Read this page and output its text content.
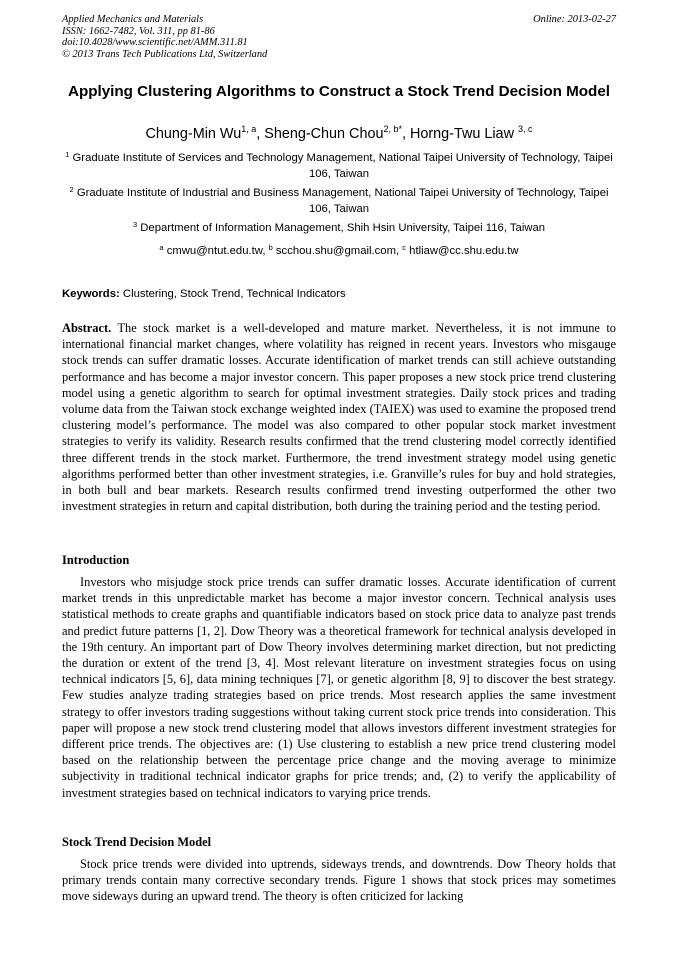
Applied Mechanics and Materials
ISSN: 1662-7482, Vol. 311, pp 81-86
doi:10.4028/www.scientific.net/AMM.311.81
© 2013 Trans Tech Publications Ltd, Switzerland
Online: 2013-02-27
Applying Clustering Algorithms to Construct a Stock Trend Decision Model
Chung-Min Wu$^{1, a}$, Sheng-Chun Chou$^{2, b*}$, Horng-Twu Liaw $^{3, c}$
$^1$ Graduate Institute of Services and Technology Management, National Taipei University of Technology, Taipei 106, Taiwan
$^2$ Graduate Institute of Industrial and Business Management, National Taipei University of Technology, Taipei 106, Taiwan
$^3$ Department of Information Management, Shih Hsin University, Taipei 116, Taiwan
$^a$ cmwu@ntut.edu.tw, $^b$ scchou.shu@gmail.com, $^c$ htliaw@cc.shu.edu.tw
Keywords: Clustering, Stock Trend, Technical Indicators
Abstract. The stock market is a well-developed and mature market. Nevertheless, it is not immune to international financial market changes, where volatility has reigned in recent years. Investors who misgauge stock trends can suffer dramatic losses. Accurate identification of market trends can still achieve outstanding performance and has become a major investor concern. This paper proposes a new stock price trend clustering model using a genetic algorithm to search for optimal investment strategies. Daily stock prices and trading volume data from the Taiwan stock exchange weighted index (TAIEX) was used to examine the proposed trend clustering model’s performance. The model was also compared to other popular stock market investment strategies to verify its validity. Research results confirmed that the trend clustering model correctly identified three different trends in the stock market. Furthermore, the trend investment strategy model using genetic algorithms performed better than other investment strategies, i.e. Granville’s rules for buy and hold strategies, in both bull and bear markets. Research results confirmed trend investing outperformed the other two investment strategies in return and capital distribution, both during the training period and the testing period.
Introduction
Investors who misjudge stock price trends can suffer dramatic losses. Accurate identification of current market trends in this unpredictable market has become a major investor concern. Technical analysis uses statistical methods to create graphs and quantifiable indicators based on stock price data to analyze past trends and predict future patterns [1, 2]. Dow Theory was a theoretical framework for technical analysis developed in the 19th century. An important part of Dow Theory involves determining market direction, but not predicting the duration or extent of the trend [3, 4]. Most relevant literature on investment strategies focus on using technical indicators [5, 6], data mining techniques [7], or genetic algorithm [8, 9] to discover the best strategy. Few studies analyze trading strategies based on price trends. Most research applies the same investment strategy to offer investors trading suggestions without taking current stock price trends into consideration. This paper will propose a new stock trend clustering model that allows investors different investment strategies for different price trends. The objectives are: (1) Use clustering to establish a new price trend clustering model based on the relationship between the percentage price change and the moving average to minimize subjectivity in traditional technical indicator graphs for price trends; and, (2) to verify the applicability of investment strategies based on technical indicators to varying price trends.
Stock Trend Decision Model
Stock price trends were divided into uptrends, sideways trends, and downtrends. Dow Theory holds that primary trends contain many corrective secondary trends. Figure 1 shows that stock prices may sometimes move sideways during an upward trend. The theory is often criticized for lacking
